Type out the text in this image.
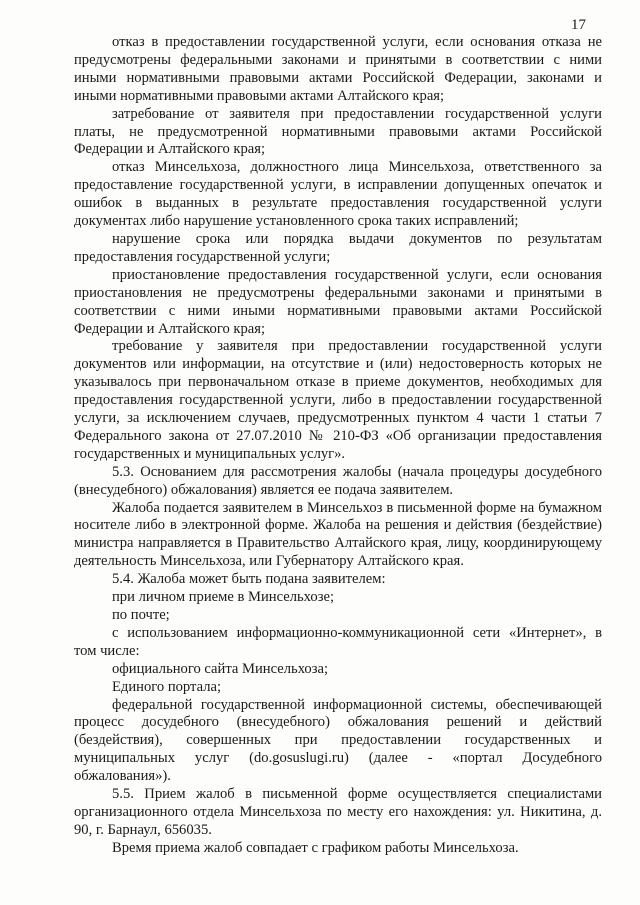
17

отказ в предоставлении государственной услуги, если основания отказа не предусмотрены федеральными законами и принятыми в соответствии с ними иными нормативными правовыми актами Российской Федерации, законами и иными нормативными правовыми актами Алтайского края;

затребование от заявителя при предоставлении государственной услуги платы, не предусмотренной нормативными правовыми актами Российской Федерации и Алтайского края;

отказ Минсельхоза, должностного лица Минсельхоза, ответственного за предоставление государственной услуги, в исправлении допущенных опечаток и ошибок в выданных в результате предоставления государственной услуги документах либо нарушение установленного срока таких исправлений;

нарушение срока или порядка выдачи документов по результатам предоставления государственной услуги;

приостановление предоставления государственной услуги, если основания приостановления не предусмотрены федеральными законами и принятыми в соответствии с ними иными нормативными правовыми актами Российской Федерации и Алтайского края;

требование у заявителя при предоставлении государственной услуги документов или информации, на отсутствие и (или) недостоверность которых не указывалось при первоначальном отказе в приеме документов, необходимых для предоставления государственной услуги, либо в предоставлении государственной услуги, за исключением случаев, предусмотренных пунктом 4 части 1 статьи 7 Федерального закона от 27.07.2010 № 210-ФЗ «Об организации предоставления государственных и муниципальных услуг».

5.3. Основанием для рассмотрения жалобы (начала процедуры досудебного (внесудебного) обжалования) является ее подача заявителем.

Жалоба подается заявителем в Минсельхоз в письменной форме на бумажном носителе либо в электронной форме. Жалоба на решения и действия (бездействие) министра направляется в Правительство Алтайского края, лицу, координирующему деятельность Минсельхоза, или Губернатору Алтайского края.

5.4. Жалоба может быть подана заявителем:

при личном приеме в Минсельхозе;

по почте;

с использованием информационно-коммуникационной сети «Интернет», в том числе:

официального сайта Минсельхоза;

Единого портала;

федеральной государственной информационной системы, обеспечивающей процесс досудебного (внесудебного) обжалования решений и действий (бездействия), совершенных при предоставлении государственных и муниципальных услуг (do.gosuslugi.ru) (далее - «портал Досудебного обжалования»).

5.5. Прием жалоб в письменной форме осуществляется специалистами организационного отдела Минсельхоза по месту его нахождения: ул. Никитина, д. 90, г. Барнаул, 656035.

Время приема жалоб совпадает с графиком работы Минсельхоза.
